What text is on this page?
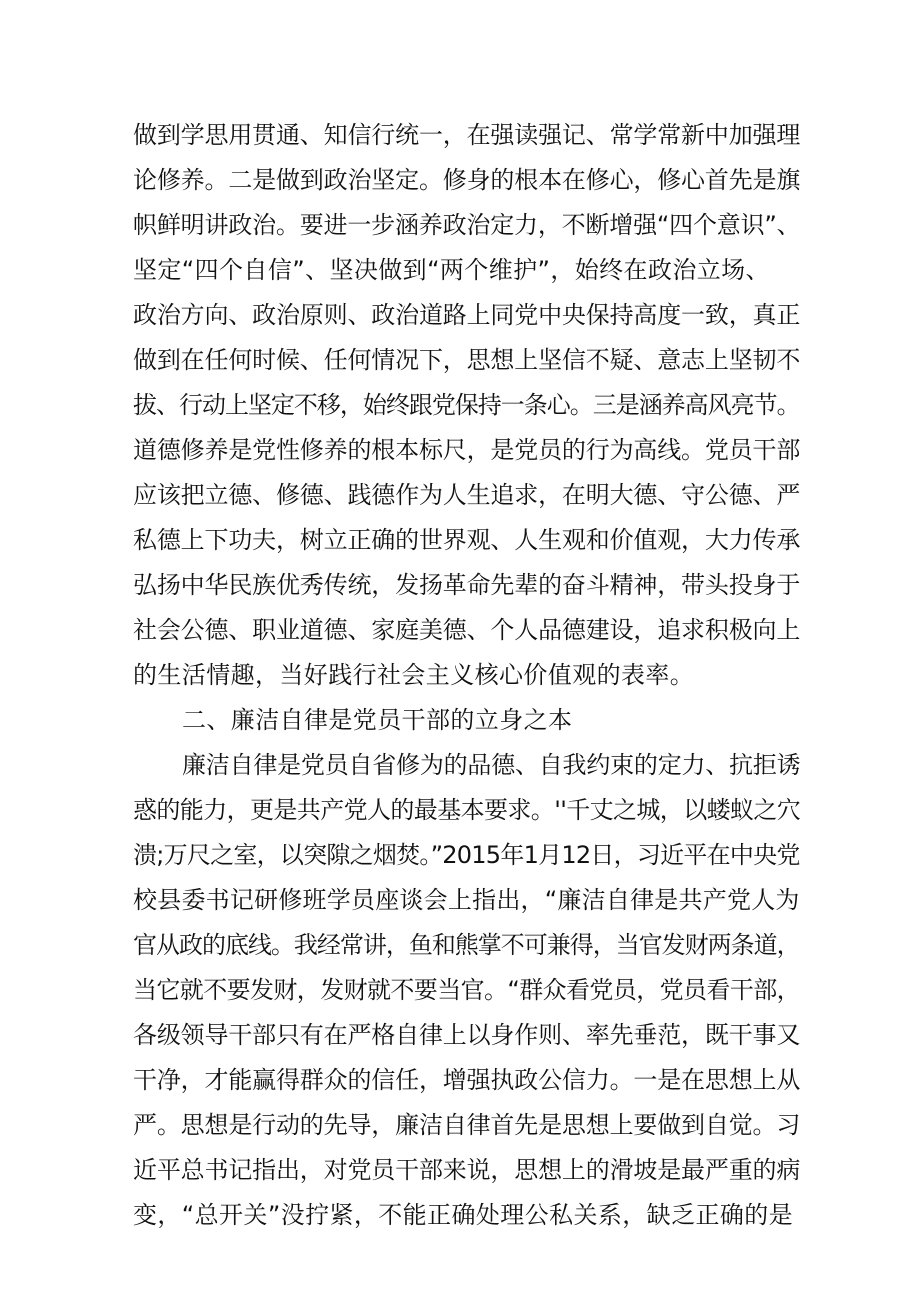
做到学思用贯通、知信行统一，在强读强记、常学常新中加强理
论修养。二是做到政治坚定。修身的根本在修心，修心首先是旗
帜鲜明讲政治。要进一步涵养政治定力，不断增强“四个意识”、
坚定“四个自信”、坚决做到“两个维护”，始终在政治立场、
政治方向、政治原则、政治道路上同党中央保持高度一致，真正
做到在任何时候、任何情况下，思想上坚信不疑、意志上坚韧不
拔、行动上坚定不移，始终跟党保持一条心。三是涵养高风亮节。
道德修养是党性修养的根本标尺，是党员的行为高线。党员干部
应该把立德、修德、践德作为人生追求，在明大德、守公德、严
私德上下功夫，树立正确的世界观、人生观和价值观，大力传承
弘扬中华民族优秀传统，发扬革命先辈的奋斗精神，带头投身于
社会公德、职业道德、家庭美德、个人品德建设，追求积极向上
的生活情趣，当好践行社会主义核心价值观的表率。
二、廉洁自律是党员干部的立身之本
廉洁自律是党员自省修为的品德、自我约束的定力、抗拒诱
惑的能力，更是共产党人的最基本要求。''千丈之城，以蝼蚁之穴
溃;万尺之室，以突隙之烟焚。”2015年1月12日，习近平在中央党
校县委书记研修班学员座谈会上指出，“廉洁自律是共产党人为
官从政的底线。我经常讲，鱼和熊掌不可兼得，当官发财两条道，
当它就不要发财，发财就不要当官。“群众看党员，党员看干部，
各级领导干部只有在严格自律上以身作则、率先垂范，既干事又
干净，才能赢得群众的信任，增强执政公信力。一是在思想上从
严。思想是行动的先导，廉洁自律首先是思想上要做到自觉。习
近平总书记指出，对党员干部来说，思想上的滑坡是最严重的病
变，“总开关”没拧紧，不能正确处理公私关系，缺乏正确的是
